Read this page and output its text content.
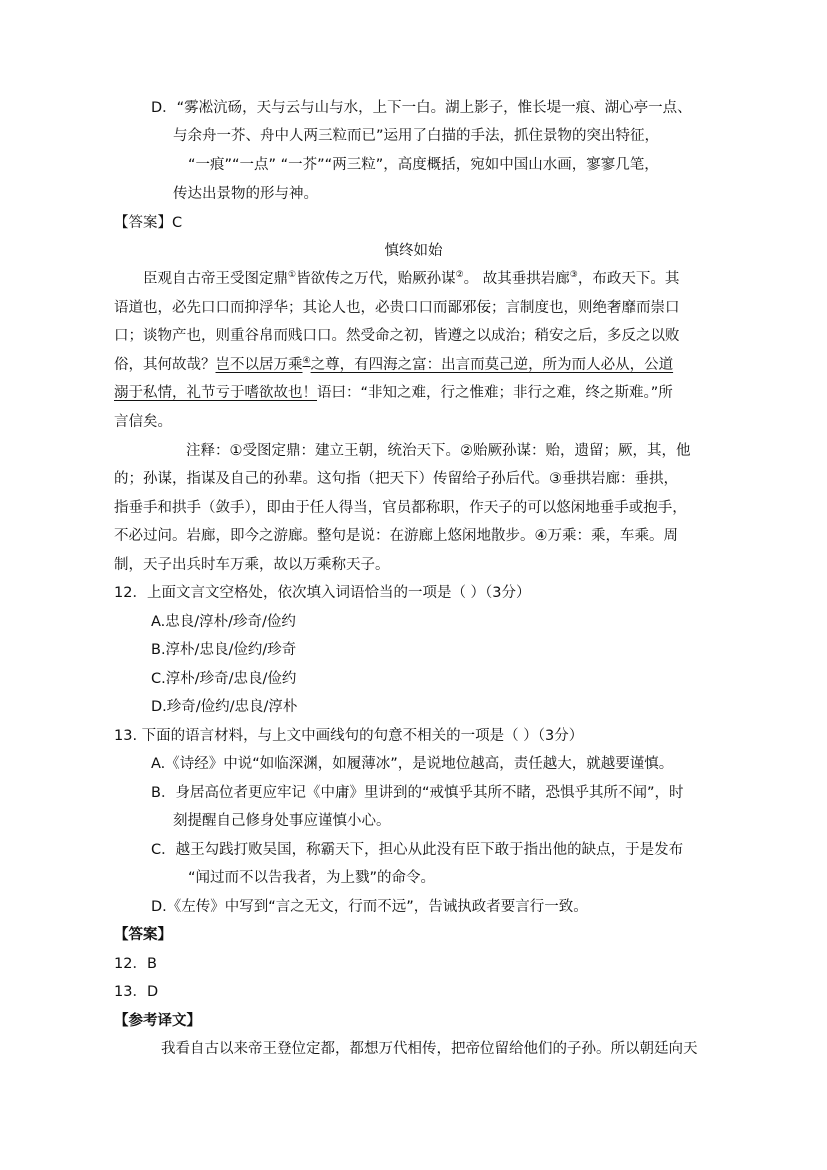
D．“雾凇沆砀，天与云与山与水，上下一白。湖上影子，惟长堤一痕、湖心亭一点、
与余舟一芥、舟中人两三粒而已”运用了白描的手法，抓住景物的突出特征，
“一痕”“一点” “一芥”“两三粒”，高度概括，宛如中国山水画，寥寥几笔，
传达出景物的形与神。
【答案】C
慎终如始
臣观自古帝王受图定鼎①皆欲传之万代，贻厥孙谋②。 故其垂拱岩廊③，布政天下。其
语道也，必先口口而抑浮华；其论人也，必贵口口而鄙邪佞；言制度也，则绝奢靡而崇口
口；谈物产也，则重谷帛而贱口口。然受命之初，皆遵之以成治；稍安之后，多反之以败
俗，其何故哉？岂不以居万乘④之尊，有四海之富：出言而莫己逆，所为而人必从，公道
溺于私情，礼节亏于嗜欲故也！语曰：“非知之难，行之惟难；非行之难，终之斯难。”所
言信矣。
注释：①受图定鼎：建立王朝，统治天下。②贻厥孙谋：贻，遗留；厥，其，他
的；孙谋，指谋及自己的孙辈。这句指（把天下）传留给子孙后代。③垂拱岩廊：垂拱，
指垂手和拱手（敛手），即由于任人得当，官员都称职，作天子的可以悠闲地垂手或抱手，
不必过问。岩廊，即今之游廊。整句是说：在游廊上悠闲地散步。④万乘：乘，车乘。周
制，天子出兵时车万乘，故以万乘称天子。
12．上面文言文空格处，依次填入词语恰当的一项是（ ）（3分）
A.忠良/淳朴/珍奇/俭约
B.淳朴/忠良/俭约/珍奇
C.淳朴/珍奇/忠良/俭约
D.珍奇/俭约/忠良/淳朴
13. 下面的语言材料，与上文中画线句的句意不相关的一项是（ ）（3分）
A.《诗经》中说“如临深渊，如履薄冰”，是说地位越高，责任越大，就越要谨慎。
B．身居高位者更应牢记《中庸》里讲到的“戒慎乎其所不睹，恐惧乎其所不闻”，时
刻提醒自己修身处事应谨慎小心。
C．越王勾践打败吴国，称霸天下，担心从此没有臣下敢于指出他的缺点，于是发布
“闻过而不以告我者，为上戮”的命令。
D.《左传》中写到“言之无文，行而不远”，告诫执政者要言行一致。
【答案】
12．B
13．D
【参考译文】
我看自古以来帝王登位定都，都想万代相传，把帝位留给他们的子孙。所以朝廷向天
